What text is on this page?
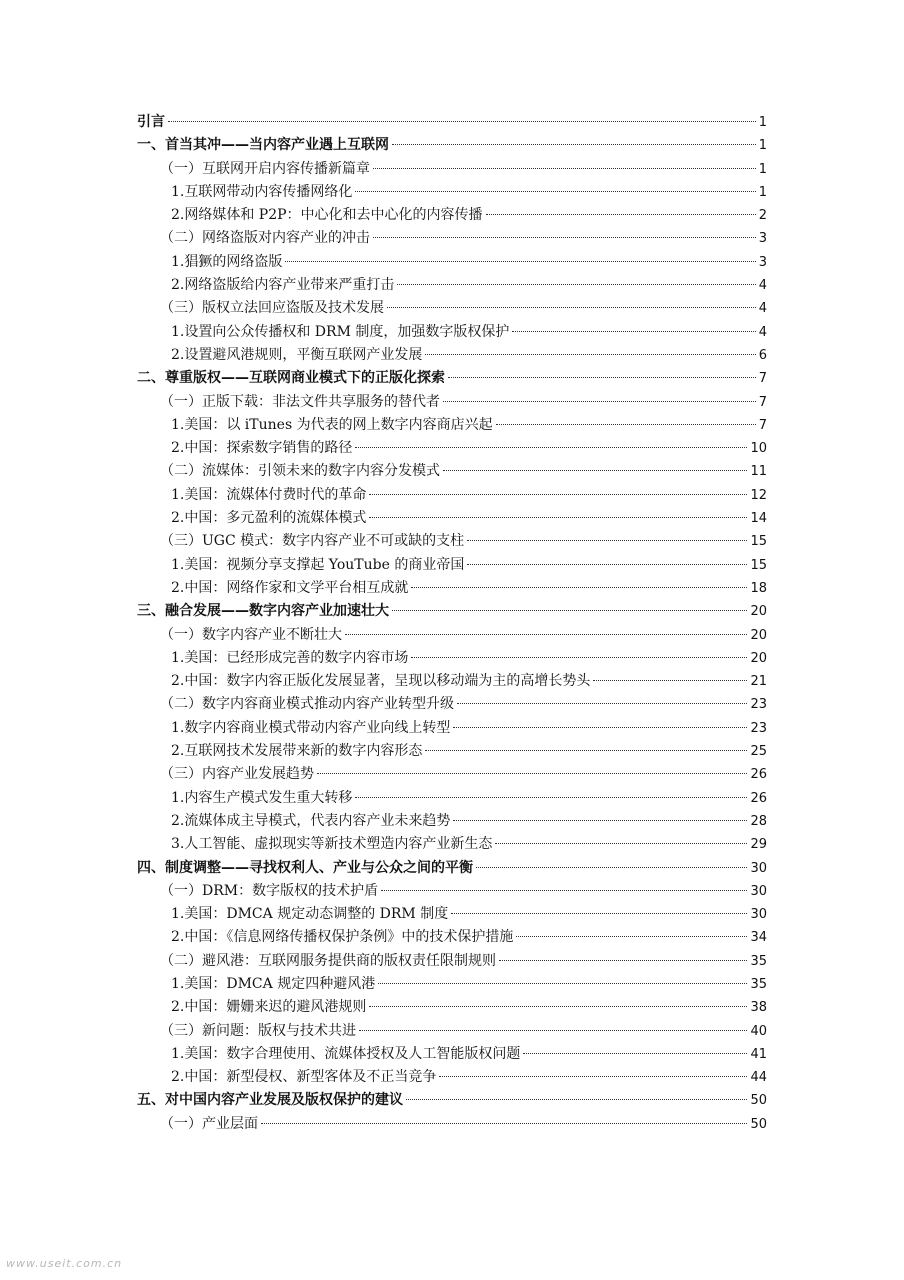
引言	1
一、首当其冲——当内容产业遇上互联网	1
（一）互联网开启内容传播新篇章	1
1.互联网带动内容传播网络化	1
2.网络媒体和 P2P：中心化和去中心化的内容传播	2
（二）网络盗版对内容产业的冲击	3
1.猖獗的网络盗版	3
2.网络盗版给内容产业带来严重打击	4
（三）版权立法回应盗版及技术发展	4
1.设置向公众传播权和 DRM 制度，加强数字版权保护	4
2.设置避风港规则，平衡互联网产业发展	6
二、尊重版权——互联网商业模式下的正版化探索	7
（一）正版下载：非法文件共享服务的替代者	7
1.美国：以 iTunes 为代表的网上数字内容商店兴起	7
2.中国：探索数字销售的路径	10
（二）流媒体：引领未来的数字内容分发模式	11
1.美国：流媒体付费时代的革命	12
2.中国：多元盈利的流媒体模式	14
（三）UGC 模式：数字内容产业不可或缺的支柱	15
1.美国：视频分享支撑起 YouTube 的商业帝国	15
2.中国：网络作家和文学平台相互成就	18
三、融合发展——数字内容产业加速壮大	20
（一）数字内容产业不断壮大	20
1.美国：已经形成完善的数字内容市场	20
2.中国：数字内容正版化发展显著，呈现以移动端为主的高增长势头	21
（二）数字内容商业模式推动内容产业转型升级	23
1.数字内容商业模式带动内容产业向线上转型	23
2.互联网技术发展带来新的数字内容形态	25
（三）内容产业发展趋势	26
1.内容生产模式发生重大转移	26
2.流媒体成主导模式，代表内容产业未来趋势	28
3.人工智能、虚拟现实等新技术塑造内容产业新生态	29
四、制度调整——寻找权利人、产业与公众之间的平衡	30
（一）DRM：数字版权的技术护盾	30
1.美国：DMCA 规定动态调整的 DRM 制度	30
2.中国：《信息网络传播权保护条例》中的技术保护措施	34
（二）避风港：互联网服务提供商的版权责任限制规则	35
1.美国：DMCA 规定四种避风港	35
2.中国：姗姗来迟的避风港规则	38
（三）新问题：版权与技术共进	40
1.美国：数字合理使用、流媒体授权及人工智能版权问题	41
2.中国：新型侵权、新型客体及不正当竞争	44
五、对中国内容产业发展及版权保护的建议	50
（一）产业层面	50
www.useit.com.cn
